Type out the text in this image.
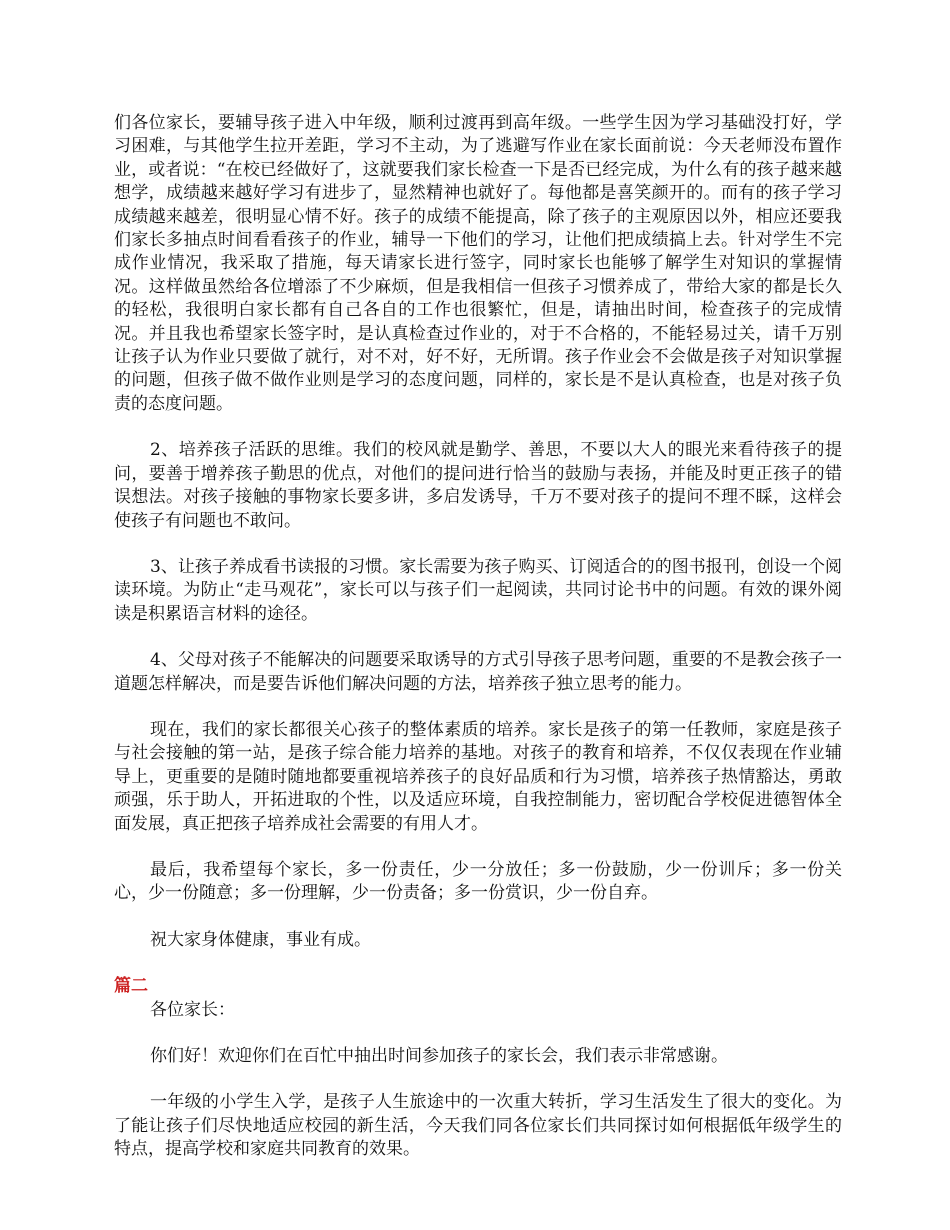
们各位家长，要辅导孩子进入中年级，顺利过渡再到高年级。一些学生因为学习基础没打好，学习困难，与其他学生拉开差距，学习不主动，为了逃避写作业在家长面前说：今天老师没布置作业，或者说：“在校已经做好了，这就要我们家长检查一下是否已经完成，为什么有的孩子越来越想学，成绩越来越好学习有进步了，显然精神也就好了。每他都是喜笑颜开的。而有的孩子学习成绩越来越差，很明显心情不好。孩子的成绩不能提高，除了孩子的主观原因以外，相应还要我们家长多抽点时间看看孩子的作业，辅导一下他们的学习，让他们把成绩搞上去。针对学生不完成作业情况，我采取了措施，每天请家长进行签字，同时家长也能够了解学生对知识的掌握情况。这样做虽然给各位增添了不少麻烦，但是我相信一但孩子习惯养成了，带给大家的都是长久的轻松，我很明白家长都有自己各自的工作也很繁忙，但是，请抽出时间，检查孩子的完成情况。并且我也希望家长签字时，是认真检查过作业的，对于不合格的，不能轻易过关，请千万别让孩子认为作业只要做了就行，对不对，好不好，无所谓。孩子作业会不会做是孩子对知识掌握的问题，但孩子做不做作业则是学习的态度问题，同样的，家长是不是认真检查，也是对孩子负责的态度问题。

2、培养孩子活跃的思维。我们的校风就是勤学、善思，不要以大人的眼光来看待孩子的提问，要善于增养孩子勤思的优点，对他们的提问进行恰当的鼓励与表扬，并能及时更正孩子的错误想法。对孩子接触的事物家长要多讲，多启发诱导，千万不要对孩子的提问不理不睬，这样会使孩子有问题也不敢问。

3、让孩子养成看书读报的习惯。家长需要为孩子购买、订阅适合的的图书报刊，创设一个阅读环境。为防止“走马观花”，家长可以与孩子们一起阅读，共同讨论书中的问题。有效的课外阅读是积累语言材料的途径。

4、父母对孩子不能解决的问题要采取诱导的方式引导孩子思考问题，重要的不是教会孩子一道题怎样解决，而是要告诉他们解决问题的方法，培养孩子独立思考的能力。

现在，我们的家长都很关心孩子的整体素质的培养。家长是孩子的第一任教师，家庭是孩子与社会接触的第一站，是孩子综合能力培养的基地。对孩子的教育和培养，不仅仅表现在作业辅导上，更重要的是随时随地都要重视培养孩子的良好品质和行为习惯，培养孩子热情豁达，勇敢顽强，乐于助人，开拓进取的个性，以及适应环境，自我控制能力，密切配合学校促进德智体全面发展，真正把孩子培养成社会需要的有用人才。

最后，我希望每个家长，多一份责任，少一分放任；多一份鼓励，少一份训斥；多一份关心，少一份随意；多一份理解，少一份责备；多一份赏识，少一份自弃。

祝大家身体健康，事业有成。

篇二

各位家长：

你们好！欢迎你们在百忙中抽出时间参加孩子的家长会，我们表示非常感谢。

一年级的小学生入学，是孩子人生旅途中的一次重大转折，学习生活发生了很大的变化。为了能让孩子们尽快地适应校园的新生活，今天我们同各位家长们共同探讨如何根据低年级学生的特点，提高学校和家庭共同教育的效果。
